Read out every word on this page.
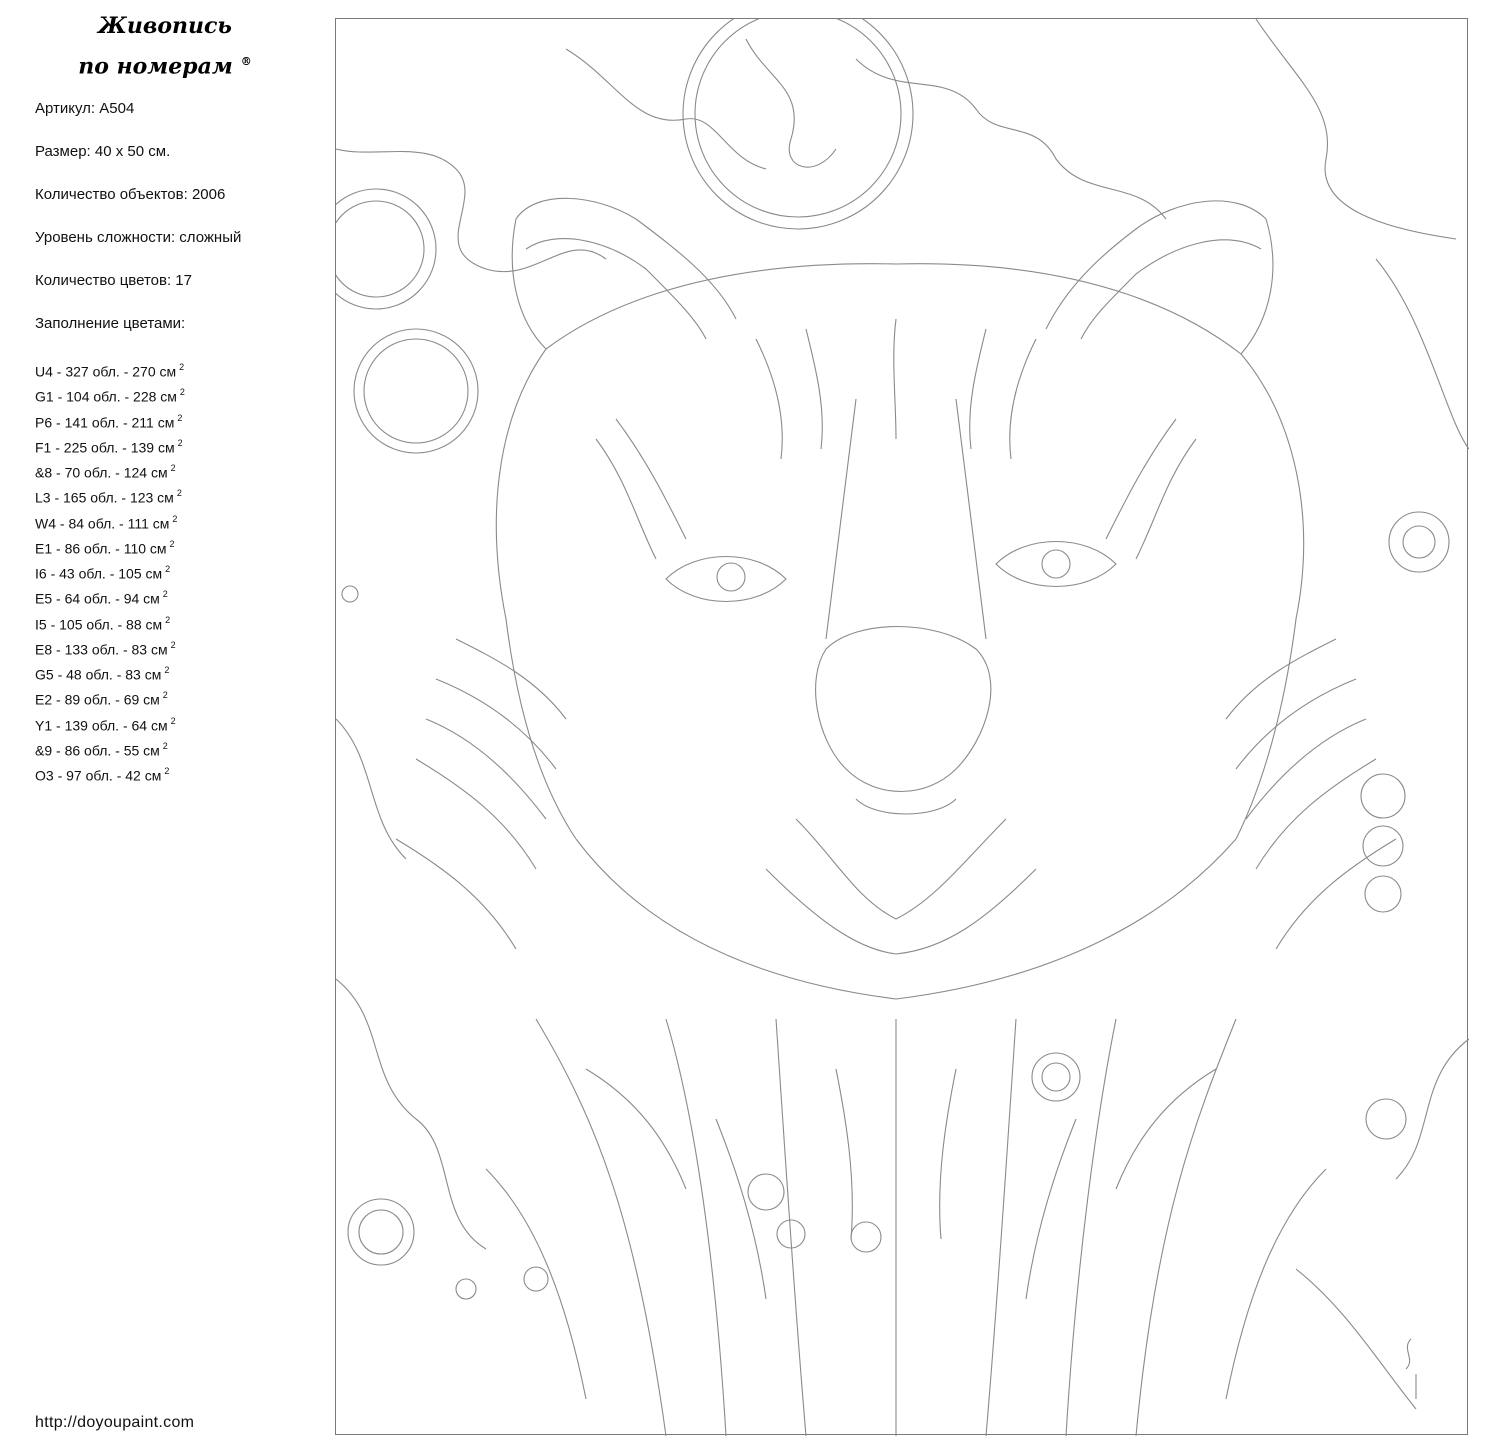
Живопись
по номерам ®
Артикул: A504
Размер: 40 х 50 см.
Количество объектов: 2006
Уровень сложности: сложный
Количество цветов: 17
Заполнение цветами:
U4 - 327 обл. - 270 см $^2$
G1 - 104 обл. - 228 см $^2$
P6 - 141 обл. - 211 см $^2$
F1 - 225 обл. - 139 см $^2$
&8 - 70 обл. - 124 см $^2$
L3 - 165 обл. - 123 см $^2$
W4 - 84 обл. - 111 см $^2$
E1 - 86 обл. - 110 см $^2$
I6 - 43 обл. - 105 см $^2$
E5 - 64 обл. - 94 см $^2$
I5 - 105 обл. - 88 см $^2$
E8 - 133 обл. - 83 см $^2$
G5 - 48 обл. - 83 см $^2$
E2 - 89 обл. - 69 см $^2$
Y1 - 139 обл. - 64 см $^2$
&9 - 86 обл. - 55 см $^2$
O3 - 97 обл. - 42 см $^2$
http://doyoupaint.com
